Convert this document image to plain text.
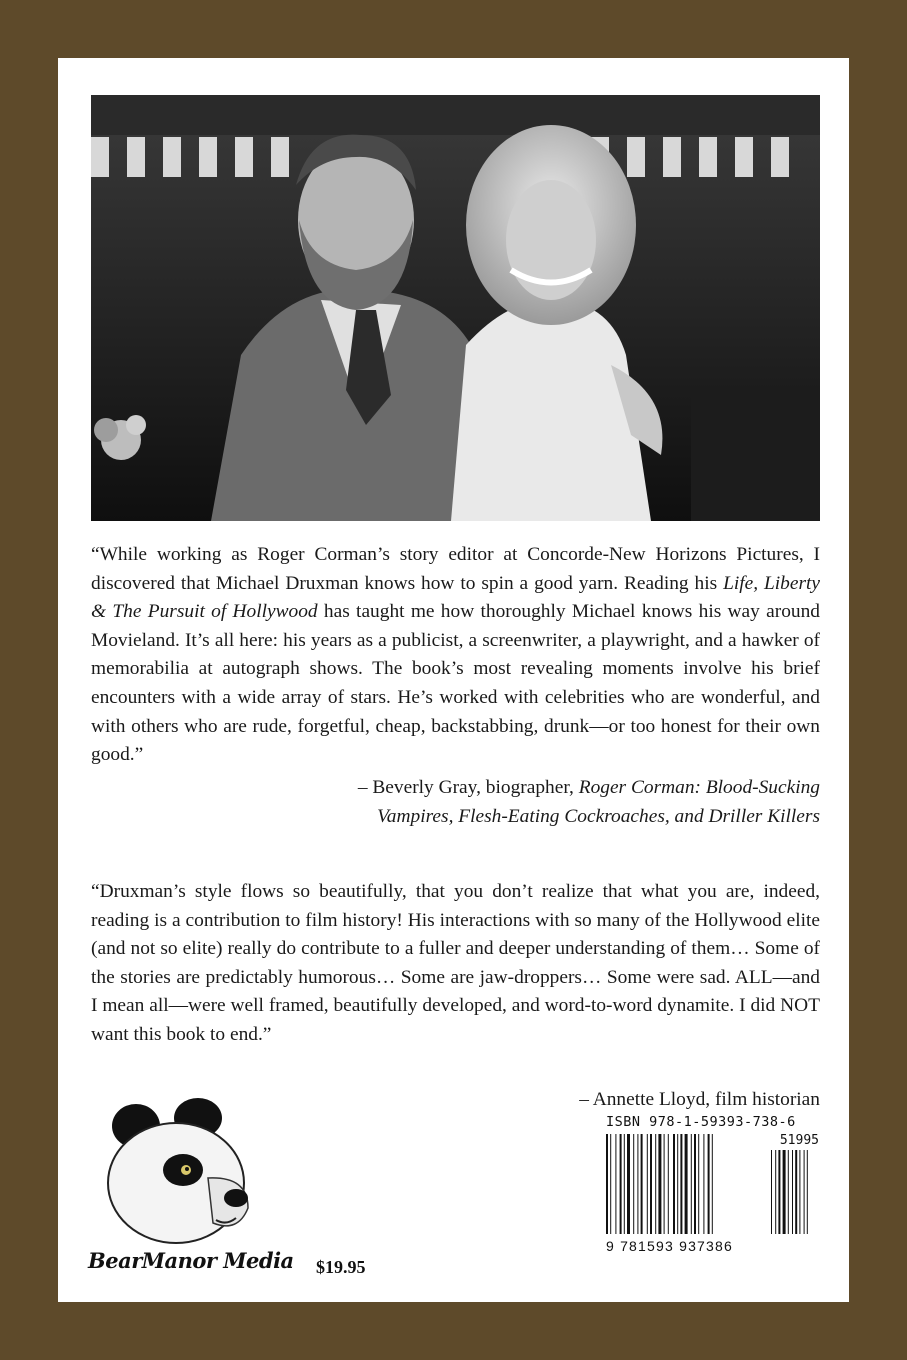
“While working as Roger Corman’s story editor at Concorde-New Horizons Pictures, I discovered that Michael Druxman knows how to spin a good yarn. Reading his Life, Liberty & The Pursuit of Hollywood has taught me how thoroughly Michael knows his way around Movieland. It’s all here: his years as a publicist, a screenwriter, a playwright, and a hawker of memorabilia at autograph shows. The book’s most revealing moments involve his brief encounters with a wide array of stars. He’s worked with celebrities who are wonderful, and with others who are rude, forgetful, cheap, backstabbing, drunk—or too honest for their own good.”
– Beverly Gray, biographer, Roger Corman: Blood-Sucking
Vampires, Flesh-Eating Cockroaches, and Driller Killers
“Druxman’s style flows so beautifully, that you don’t realize that what you are, indeed, reading is a contribution to film history! His interactions with so many of the Hollywood elite (and not so elite) really do contribute to a fuller and deeper understanding of them… Some of the stories are predictably humorous… Some are jaw-droppers… Some were sad. ALL—and I mean all—were well framed, beautifully developed, and word-to-word dynamite. I did NOT want this book to end.”
– Annette Lloyd, film historian
BearManor Media $19.95
ISBN 978-1-59393-738-6
51995
9 781593 937386
